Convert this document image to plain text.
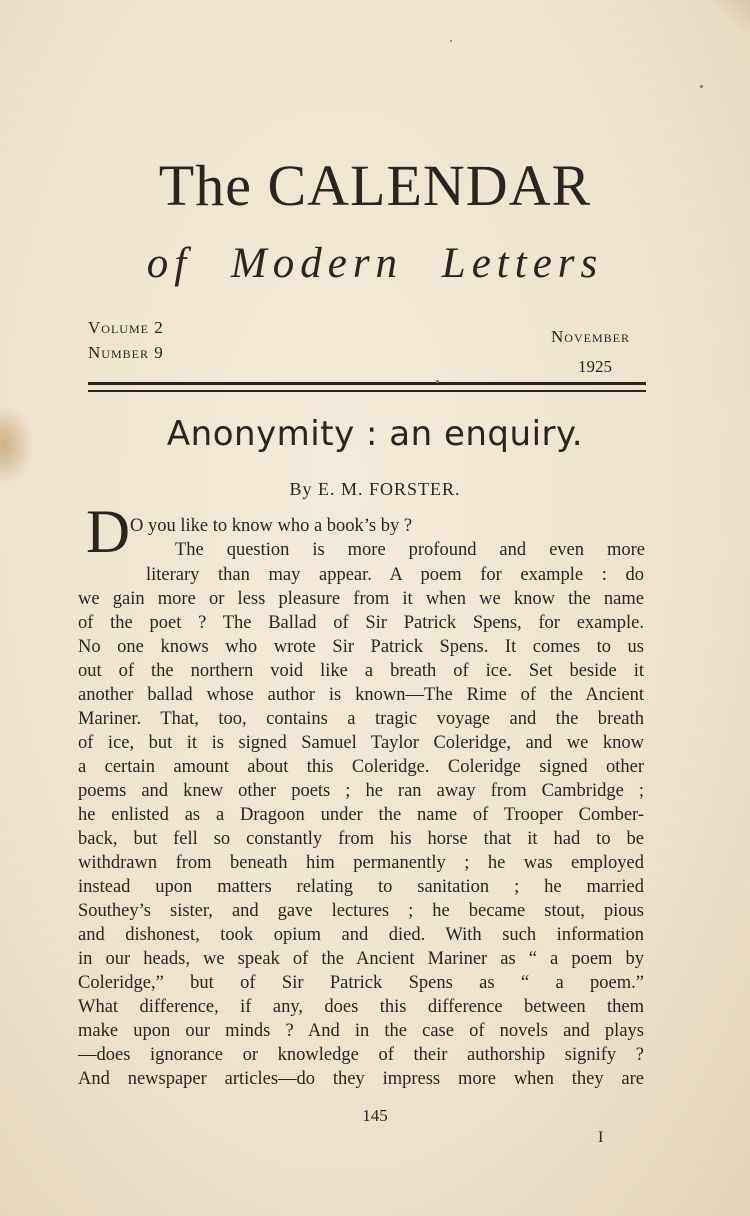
The CALENDAR
of Modern Letters
Volume 2
Number 9
November
1925
Anonymity : an enquiry.
By E. M. FORSTER.
D O you like to know who a book’s by ?
The question is more profound and even more
literary than may appear. A poem for example : do
we gain more or less pleasure from it when we know the name
of the poet ? The Ballad of Sir Patrick Spens, for example.
No one knows who wrote Sir Patrick Spens. It comes to us
out of the northern void like a breath of ice. Set beside it
another ballad whose author is known—The Rime of the Ancient
Mariner. That, too, contains a tragic voyage and the breath
of ice, but it is signed Samuel Taylor Coleridge, and we know
a certain amount about this Coleridge. Coleridge signed other
poems and knew other poets ; he ran away from Cambridge ;
he enlisted as a Dragoon under the name of Trooper Comber-
back, but fell so constantly from his horse that it had to be
withdrawn from beneath him permanently ; he was employed
instead upon matters relating to sanitation ; he married
Southey’s sister, and gave lectures ; he became stout, pious
and dishonest, took opium and died. With such information
in our heads, we speak of the Ancient Mariner as “ a poem by
Coleridge,” but of Sir Patrick Spens as “ a poem.”
What difference, if any, does this difference between them
make upon our minds ? And in the case of novels and plays
—does ignorance or knowledge of their authorship signify ?
And newspaper articles—do they impress more when they are
145
I
